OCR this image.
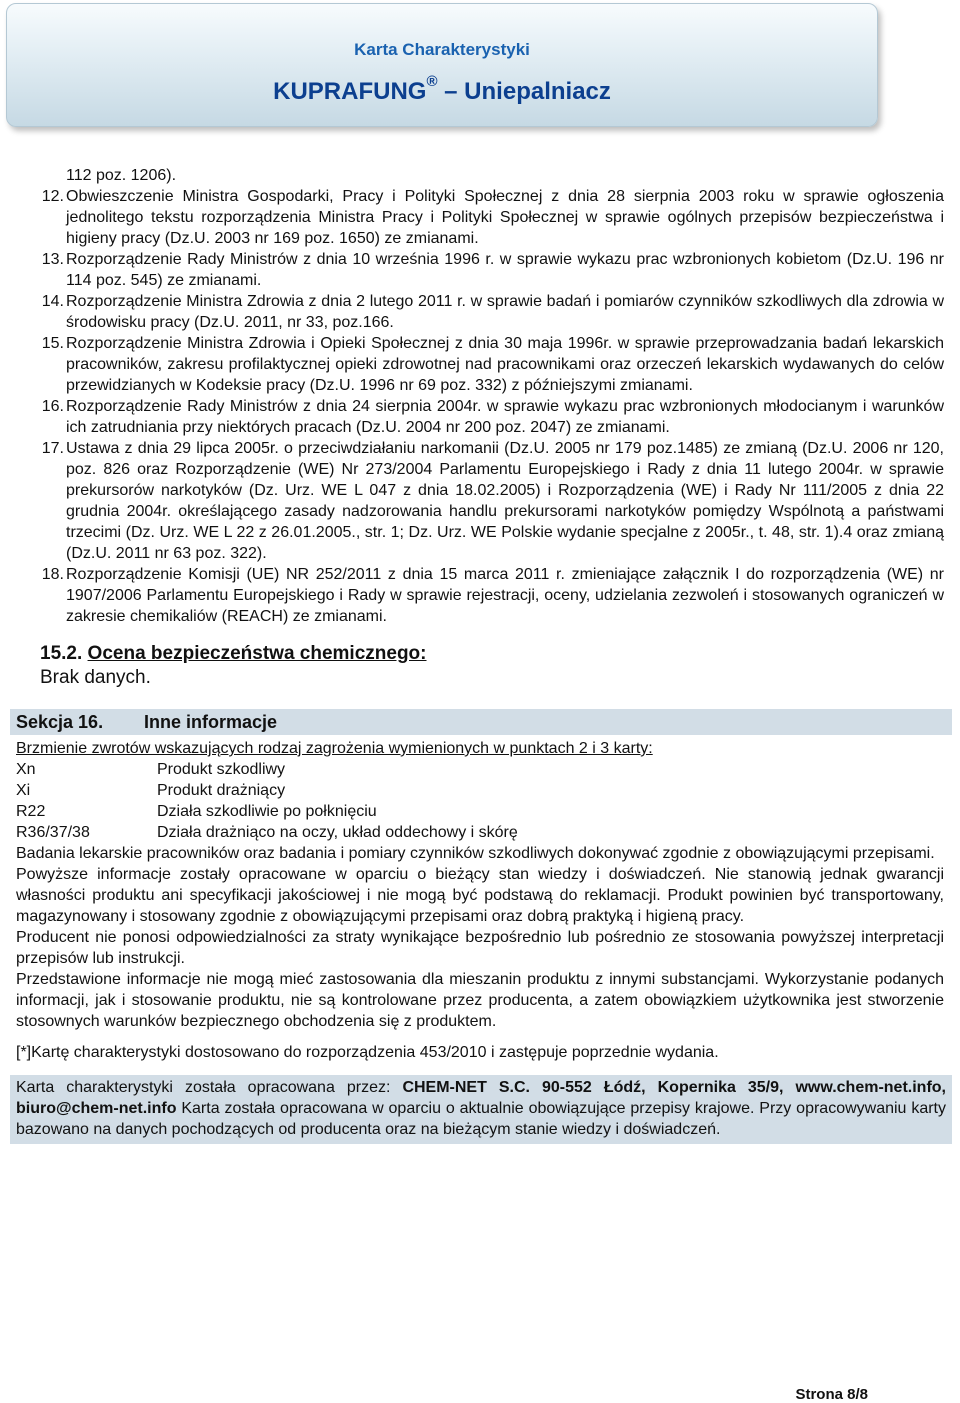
Karta Charakterystyki
KUPRAFUNG® – Uniepalniacz
112 poz. 1206).
12. Obwieszczenie Ministra Gospodarki, Pracy i Polityki Społecznej z dnia 28 sierpnia 2003 roku w sprawie ogłoszenia jednolitego tekstu rozporządzenia Ministra Pracy i Polityki Społecznej w sprawie ogólnych przepisów bezpieczeństwa i higieny pracy (Dz.U. 2003 nr 169 poz. 1650) ze zmianami.
13. Rozporządzenie Rady Ministrów z dnia 10 września 1996 r. w sprawie wykazu prac wzbronionych kobietom (Dz.U. 196 nr 114 poz. 545) ze zmianami.
14. Rozporządzenie Ministra Zdrowia z dnia 2 lutego 2011 r. w sprawie badań i pomiarów czynników szkodliwych dla zdrowia w środowisku pracy (Dz.U. 2011, nr 33, poz.166.
15. Rozporządzenie Ministra Zdrowia i Opieki Społecznej z dnia 30 maja 1996r. w sprawie przeprowadzania badań lekarskich pracowników, zakresu profilaktycznej opieki zdrowotnej nad pracownikami oraz orzeczeń lekarskich wydawanych do celów przewidzianych w Kodeksie pracy (Dz.U. 1996 nr 69 poz. 332) z późniejszymi zmianami.
16. Rozporządzenie Rady Ministrów z dnia 24 sierpnia 2004r. w sprawie wykazu prac wzbronionych młodocianym i warunków ich zatrudniania przy niektórych pracach (Dz.U. 2004 nr 200 poz. 2047) ze zmianami.
17. Ustawa z dnia 29 lipca 2005r. o przeciwdziałaniu narkomanii (Dz.U. 2005 nr 179 poz.1485) ze zmianą (Dz.U. 2006 nr 120, poz. 826 oraz Rozporządzenie (WE) Nr 273/2004 Parlamentu Europejskiego i Rady z dnia 11 lutego 2004r. w sprawie prekursorów narkotyków (Dz. Urz. WE L 047 z dnia 18.02.2005) i Rozporządzenia (WE) i Rady Nr 111/2005 z dnia 22 grudnia 2004r. określającego zasady nadzorowania handlu prekursorami narkotyków pomiędzy Wspólnotą a państwami trzecimi (Dz. Urz. WE L 22 z 26.01.2005., str. 1; Dz. Urz. WE Polskie wydanie specjalne z 2005r., t. 48, str. 1).4 oraz zmianą (Dz.U. 2011 nr 63 poz. 322).
18. Rozporządzenie Komisji (UE) NR 252/2011 z dnia 15 marca 2011 r. zmieniające załącznik I do rozporządzenia (WE) nr 1907/2006 Parlamentu Europejskiego i Rady w sprawie rejestracji, oceny, udzielania zezwoleń i stosowanych ograniczeń w zakresie chemikaliów (REACH) ze zmianami.
15.2. Ocena bezpieczeństwa chemicznego:
Brak danych.
Sekcja 16. Inne informacje
Brzmienie zwrotów wskazujących rodzaj zagrożenia wymienionych w punktach 2 i 3 karty:
Xn	Produkt szkodliwy
Xi	Produkt drażniący
R22	Działa szkodliwie po połknięciu
R36/37/38	Działa drażniąco na oczy, układ oddechowy i skórę
Badania lekarskie pracowników oraz badania i pomiary czynników szkodliwych dokonywać zgodnie z obowiązującymi przepisami.
Powyższe informacje zostały opracowane w oparciu o bieżący stan wiedzy i doświadczeń. Nie stanowią jednak gwarancji własności produktu ani specyfikacji jakościowej i nie mogą być podstawą do reklamacji. Produkt powinien być transportowany, magazynowany i stosowany zgodnie z obowiązującymi przepisami oraz dobrą praktyką i higieną pracy.
Producent nie ponosi odpowiedzialności za straty wynikające bezpośrednio lub pośrednio ze stosowania powyższej interpretacji przepisów lub instrukcji.
Przedstawione informacje nie mogą mieć zastosowania dla mieszanin produktu z innymi substancjami. Wykorzystanie podanych informacji, jak i stosowanie produktu, nie są kontrolowane przez producenta, a zatem obowiązkiem użytkownika jest stworzenie stosownych warunków bezpiecznego obchodzenia się z produktem.
[*]Kartę charakterystyki dostosowano do rozporządzenia 453/2010 i zastępuje poprzednie wydania.
Karta charakterystyki została opracowana przez: CHEM-NET S.C. 90-552 Łódź, Kopernika 35/9, www.chem-net.info, biuro@chem-net.info Karta została opracowana w oparciu o aktualnie obowiązujące przepisy krajowe. Przy opracowywaniu karty bazowano na danych pochodzących od producenta oraz na bieżącym stanie wiedzy i doświadczeń.
Strona 8/8
